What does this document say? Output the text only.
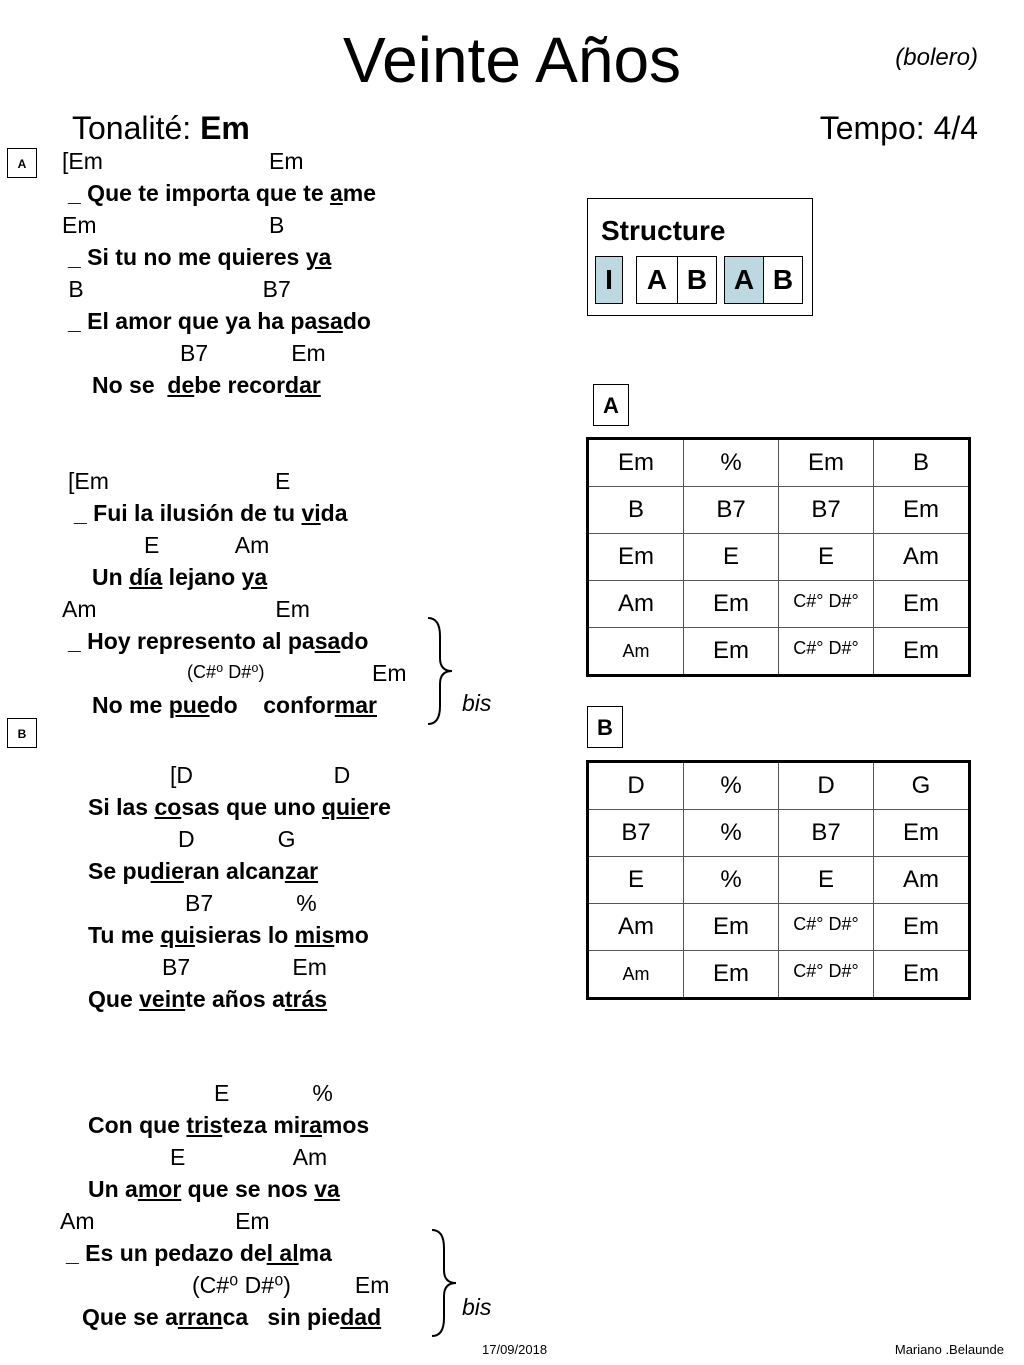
Veinte Años	(bolero)
Tonalité: Em	Tempo: 4/4
A
B
[Em                          Em
_ Que te importa que te ame
Em                           B
_ Si tu no me quieres ya
B                            B7
_ El amor que ya ha pasado
B7             Em
No se  debe recordar
[Em                          E
_ Fui la ilusión de tu vida
E            Am
Un día lejano ya
Am                            Em
_ Hoy represento al pasado
(C#⁰ D#⁰)	Em
No me puedo    conformar	bis
[D                      D
Si las cosas que uno quiere
D             G
Se pudieran alcanzar
B7             %
Tu me quisieras lo mismo
B7                Em
Que veinte años atrás
E             %
Con que tristeza miramos
E                 Am
Un amor que se nos va
Am                      Em
_ Es un pedazo del alma
(C#⁰ D#⁰)          Em
Que se arranca   sin piedad	bis
Structure
I	A B A B
A
Em	%	Em	B
B	B7	B7	Em
Em	E	E	Am
Am	Em	C#° D#°	Em
Am	Em	C#° D#°	Em
B
D	%	D	G
B7	%	B7	Em
E	%	E	Am
Am	Em	C#° D#°	Em
Am	Em	C#° D#°	Em
17/09/2018	Mariano .Belaunde
